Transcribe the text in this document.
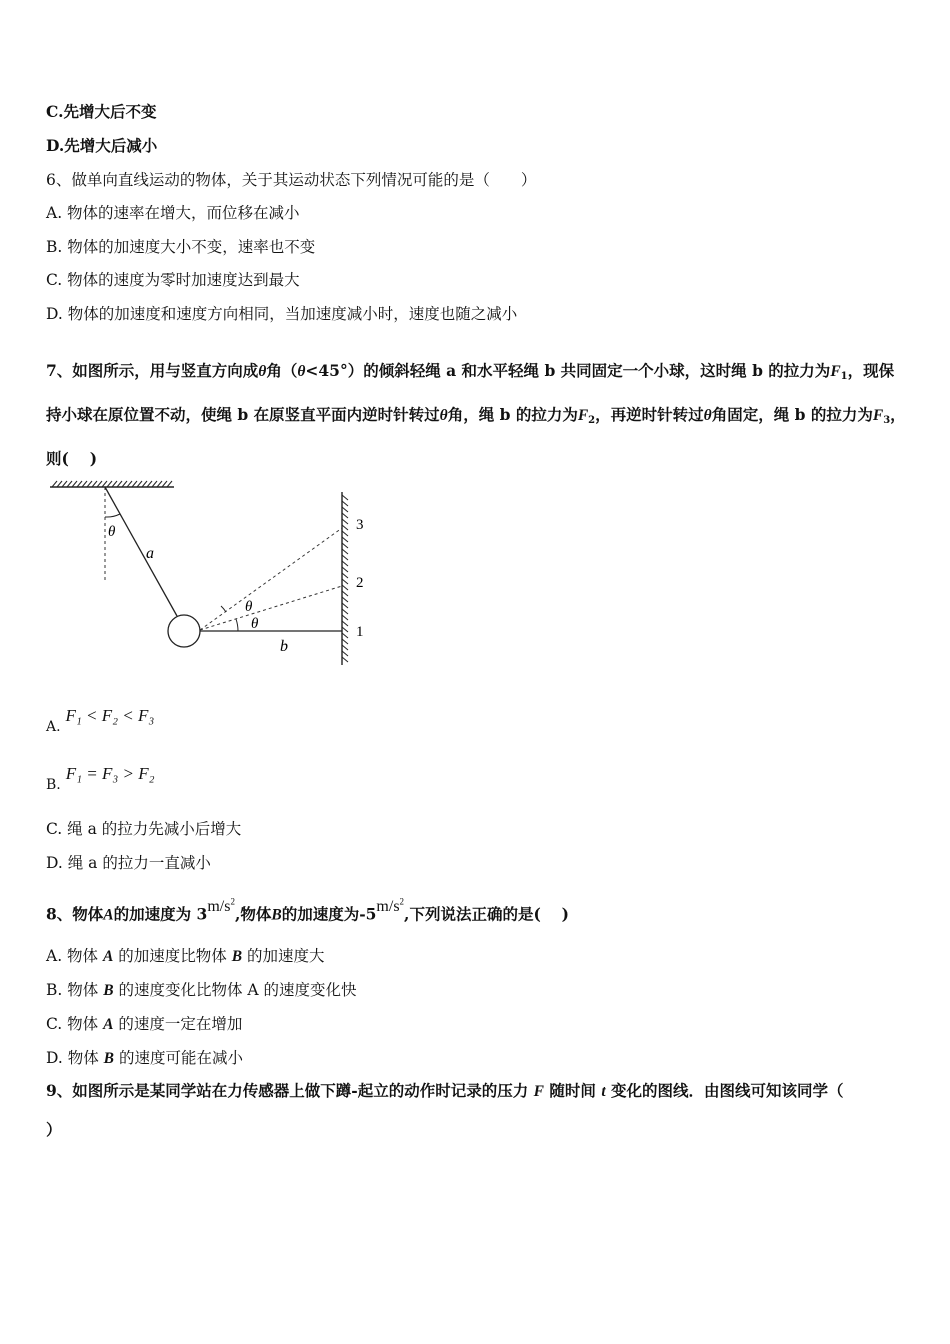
C.先增大后不变
D.先增大后减小
6、做单向直线运动的物体，关于其运动状态下列情况可能的是（　　）
A. 物体的速率在增大，而位移在减小
B. 物体的加速度大小不变，速率也不变
C. 物体的速度为零时加速度达到最大
D. 物体的加速度和速度方向相同，当加速度减小时，速度也随之减小
7、如图所示，用与竖直方向成θ角（θ<45°）的倾斜轻绳 a 和水平轻绳 b 共同固定一个小球，这时绳 b 的拉力为$F_1$，现保持小球在原位置不动，使绳 b 在原竖直平面内逆时针转过θ角，绳 b 的拉力为$F_2$，再逆时针转过θ角固定，绳 b 的拉力为$F_3$，则(　 )
θ
a
θ
θ
b
3
2
1
A. F₁ < F₂ < F₃
B. F₁ = F₃ > F₂
C. 绳 a 的拉力先减小后增大
D. 绳 a 的拉力一直减小
8、物体A的加速度为 $3m/s^2$,物体B的加速度为$-5m/s^2$,下列说法正确的是(　 )
A. 物体 A 的加速度比物体 B 的加速度大
B. 物体 B 的速度变化比物体 A 的速度变化快
C. 物体 A 的速度一定在增加
D. 物体 B 的速度可能在减小
9、如图所示是某同学站在力传感器上做下蹲-起立的动作时记录的压力 F 随时间 t 变化的图线．由图线可知该同学（
）
